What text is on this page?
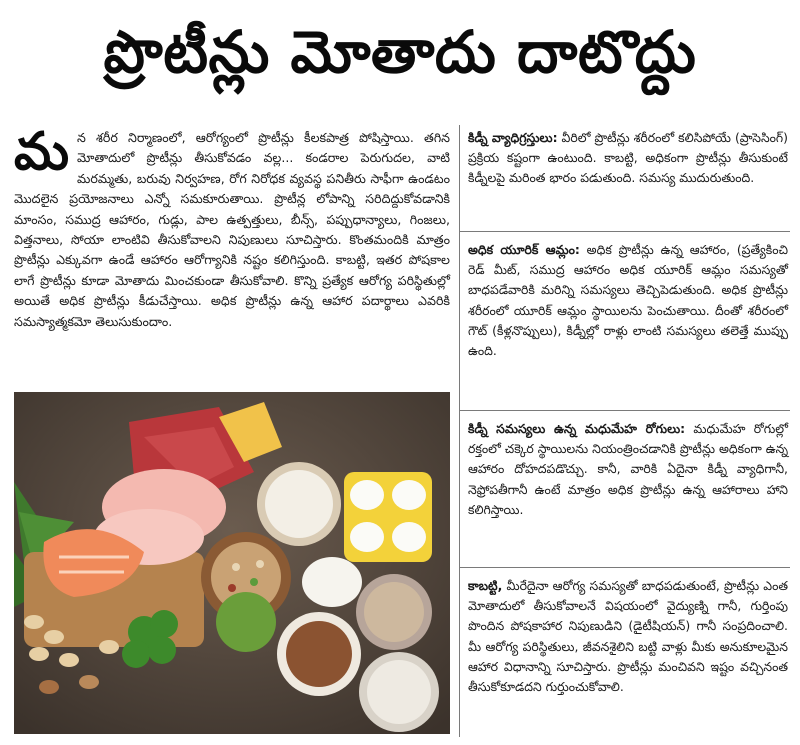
ప్రొటీన్లు మోతాదు దాటొద్దు
మన శరీర నిర్మాణంలో, ఆరోగ్యంలో ప్రొటీన్లు కీలకపాత్ర పోషిస్తాయి. తగిన మోతాదులో ప్రొటీన్లు తీసుకోవడం వల్ల... కండరాల పెరుగుదల, వాటి మరమ్మతు, బరువు నిర్వహణ, రోగ నిరోధక వ్యవస్థ పనితీరు సాఫీగా ఉండటం మొదలైన ప్రయోజనాలు ఎన్నో సమకూరుతాయి. ప్రొటీన్ల లోపాన్ని సరిదిద్దుకోవడానికి మాంసం, సముద్ర ఆహారం, గుడ్లు, పాల ఉత్పత్తులు, బీన్స్, పప్పుధాన్యాలు, గింజలు, విత్తనాలు, సోయా లాంటివి తీసుకోవాలని నిపుణులు సూచిస్తారు. కొంతమందికి మాత్రం ప్రొటీన్లు ఎక్కువగా ఉండే ఆహారం ఆరోగ్యానికి నష్టం కలిగిస్తుంది. కాబట్టి, ఇతర పోషకాల లాగే ప్రొటీన్లు కూడా మోతాదు మించకుండా తీసుకోవాలి. కొన్ని ప్రత్యేక ఆరోగ్య పరిస్థితుల్లో అయితే అధిక ప్రొటీన్లు కీడుచేస్తాయి. అధిక ప్రొటీన్లు ఉన్న ఆహార పదార్థాలు ఎవరికి సమస్యాత్మకమో తెలుసుకుందాం.
కిడ్నీ వ్యాధిగ్రస్తులు: వీరిలో ప్రొటీన్లు శరీరంలో కలిసిపోయే (ప్రాసెసింగ్) ప్రక్రియ కష్టంగా ఉంటుంది. కాబట్టి, అధికంగా ప్రొటీన్లు తీసుకుంటే కిడ్నీలపై మరింత భారం పడుతుంది. సమస్య ముదురుతుంది.
అధిక యూరిక్ ఆమ్లం: అధిక ప్రొటీన్లు ఉన్న ఆహారం, (ప్రత్యేకించి రెడ్ మీట్, సముద్ర ఆహారం అధిక యూరిక్ ఆమ్లం సమస్యతో బాధపడేవారికి మరిన్ని సమస్యలు తెచ్చిపెడుతుంది. అధిక ప్రొటీన్లు శరీరంలో యూరిక్ ఆమ్లం స్థాయిలను పెంచుతాయి. దీంతో శరీరంలో గౌట్ (కీళ్లనొప్పులు), కిడ్నీల్లో రాళ్లు లాంటి సమస్యలు తలెత్తే ముప్పు ఉంది.
కిడ్నీ సమస్యలు ఉన్న మధుమేహ రోగులు: మధుమేహ రోగుల్లో రక్తంలో చక్కెర స్థాయిలను నియంత్రించడానికి ప్రొటీన్లు అధికంగా ఉన్న ఆహారం దోహదపడొచ్చు. కానీ, వారికి ఏదైనా కిడ్నీ వ్యాధిగానీ, నెఫ్రోపతీగానీ ఉంటే మాత్రం అధిక ప్రొటీన్లు ఉన్న ఆహారాలు హాని కలిగిస్తాయి.
కాబట్టి, మీరేదైనా ఆరోగ్య సమస్యతో బాధపడుతుంటే, ప్రొటీన్లు ఎంత మోతాదులో తీసుకోవాలనే విషయంలో వైద్యుణ్ని గానీ, గుర్తింపు పొందిన పోషకాహార నిపుణుడిని (డైటీషియన్) గానీ సంప్రదించాలి. మీ ఆరోగ్య పరిస్థితులు, జీవనశైలిని బట్టి వాళ్లు మీకు అనుకూలమైన ఆహార విధానాన్ని సూచిస్తారు. ప్రొటీన్లు మంచివని ఇష్టం వచ్చినంత తీసుకోకూడదని గుర్తుంచుకోవాలి.
